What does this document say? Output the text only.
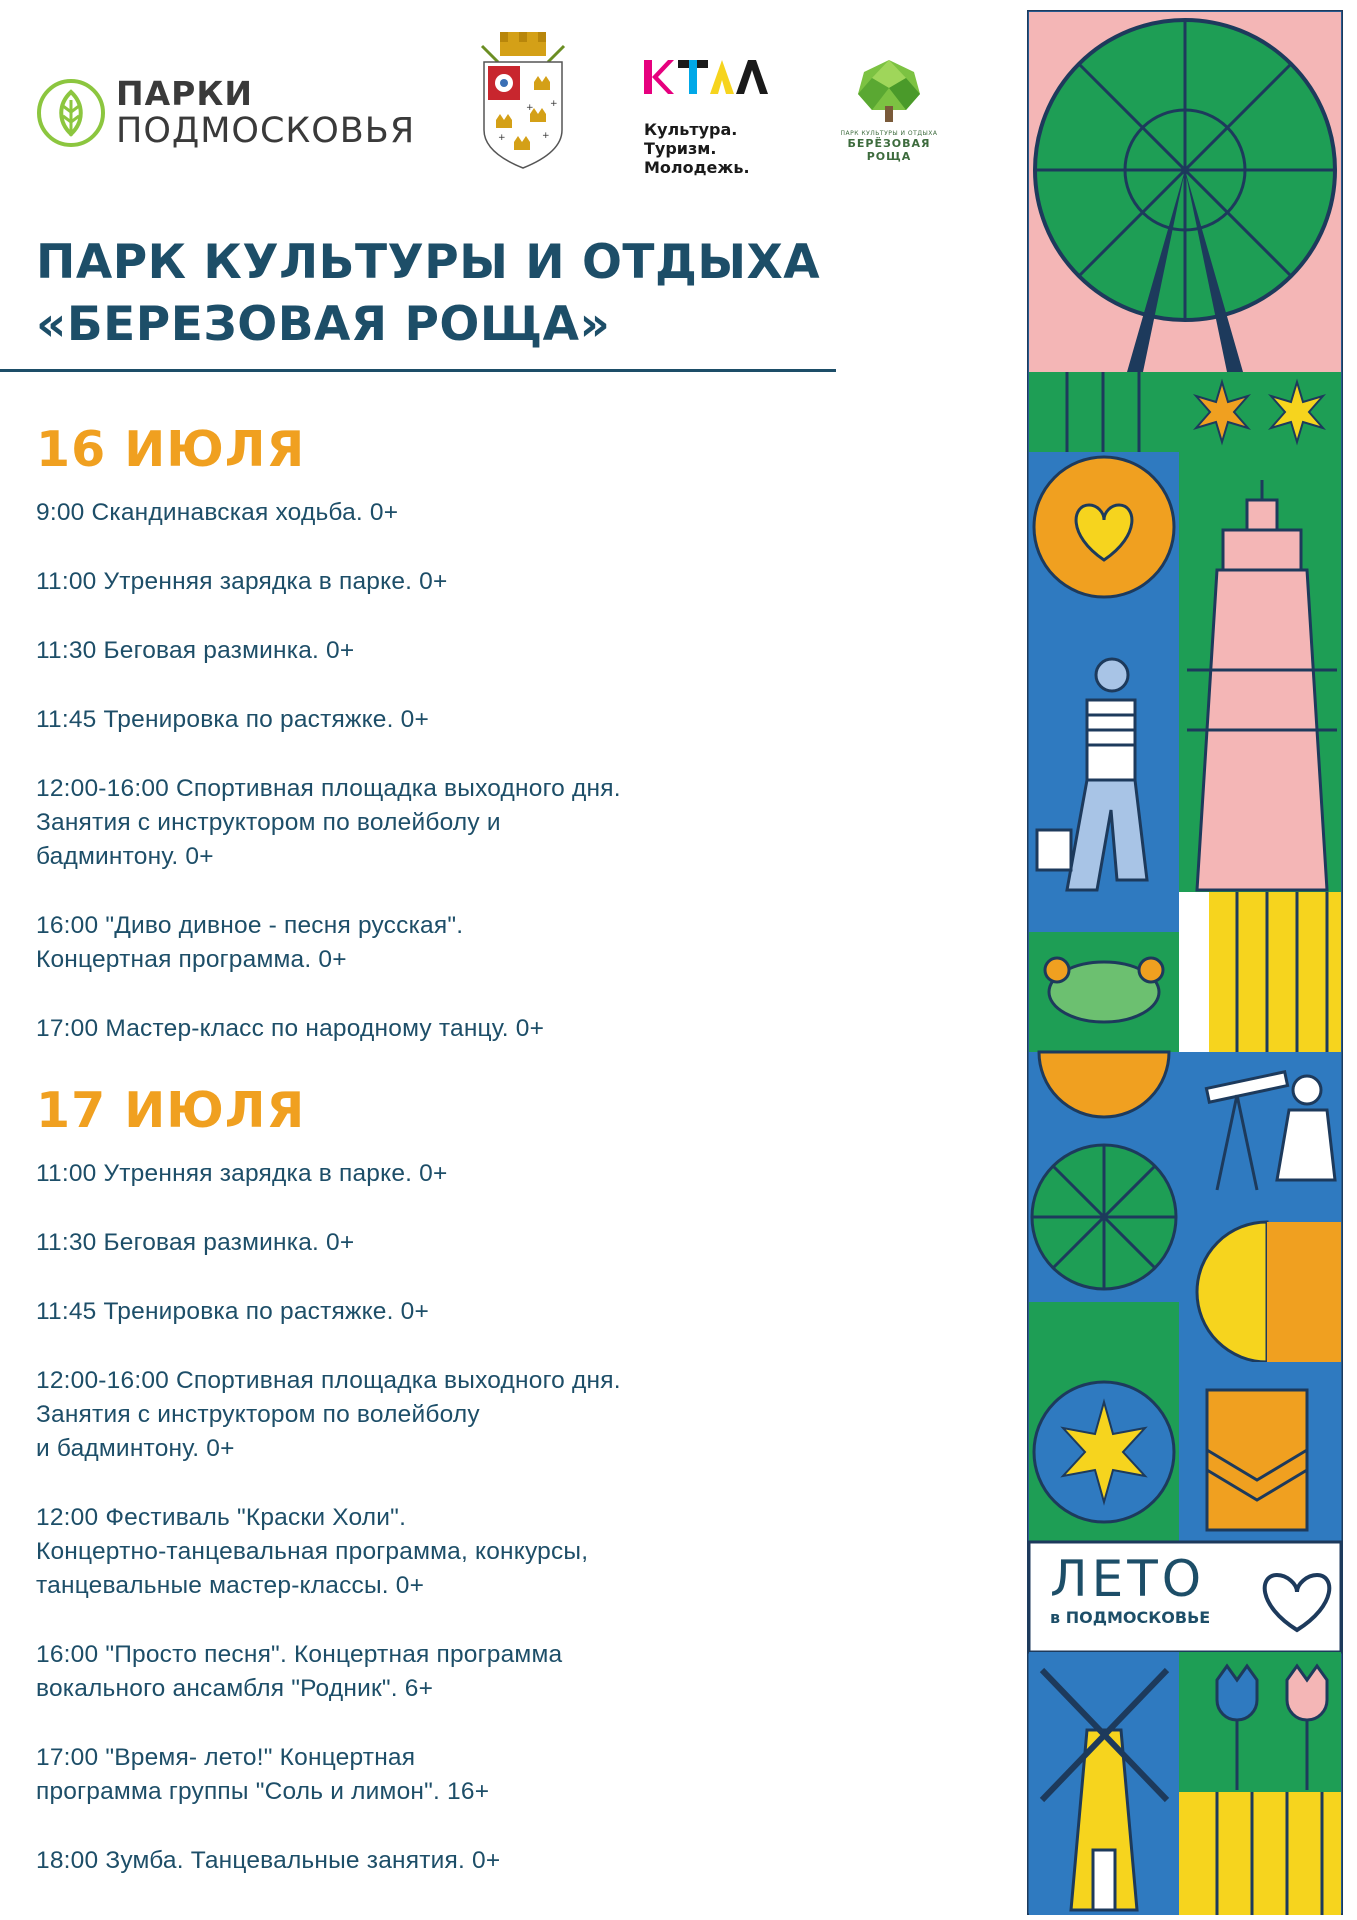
ПАРКИ
ПОДМОСКОВЬЯ
+
+	+
+
Культура.
Туризм.
Молодежь.
ПАРК КУЛЬТУРЫ И ОТДЫХА
БЕРЁЗОВАЯ РОЩА
ПАРК КУЛЬТУРЫ И ОТДЫХА
«БЕРЕЗОВАЯ РОЩА»
16 ИЮЛЯ

9:00 Скандинавская ходьба. 0+

11:00 Утренняя зарядка в парке. 0+

11:30 Беговая разминка. 0+

11:45 Тренировка по растяжке. 0+

12:00-16:00 Спортивная площадка выходного дня.
Занятия с инструктором по волейболу и
бадминтону. 0+

16:00 "Диво дивное - песня русская".
Концертная программа. 0+

17:00 Мастер-класс по народному танцу. 0+

17 ИЮЛЯ

11:00 Утренняя зарядка в парке. 0+

11:30 Беговая разминка. 0+

11:45 Тренировка по растяжке. 0+

12:00-16:00 Спортивная площадка выходного дня.
Занятия с инструктором по волейболу
и бадминтону. 0+

12:00 Фестиваль "Краски Холи".
Концертно-танцевальная программа, конкурсы,
танцевальные мастер-классы. 0+

16:00 "Просто песня". Концертная программа
вокального ансамбля "Родник". 6+

17:00 "Время- лето!" Концертная
программа группы "Соль и лимон". 16+

18:00 Зумба. Танцевальные занятия. 0+

ЛЕТО
в ПОДМОСКОВЬЕ
